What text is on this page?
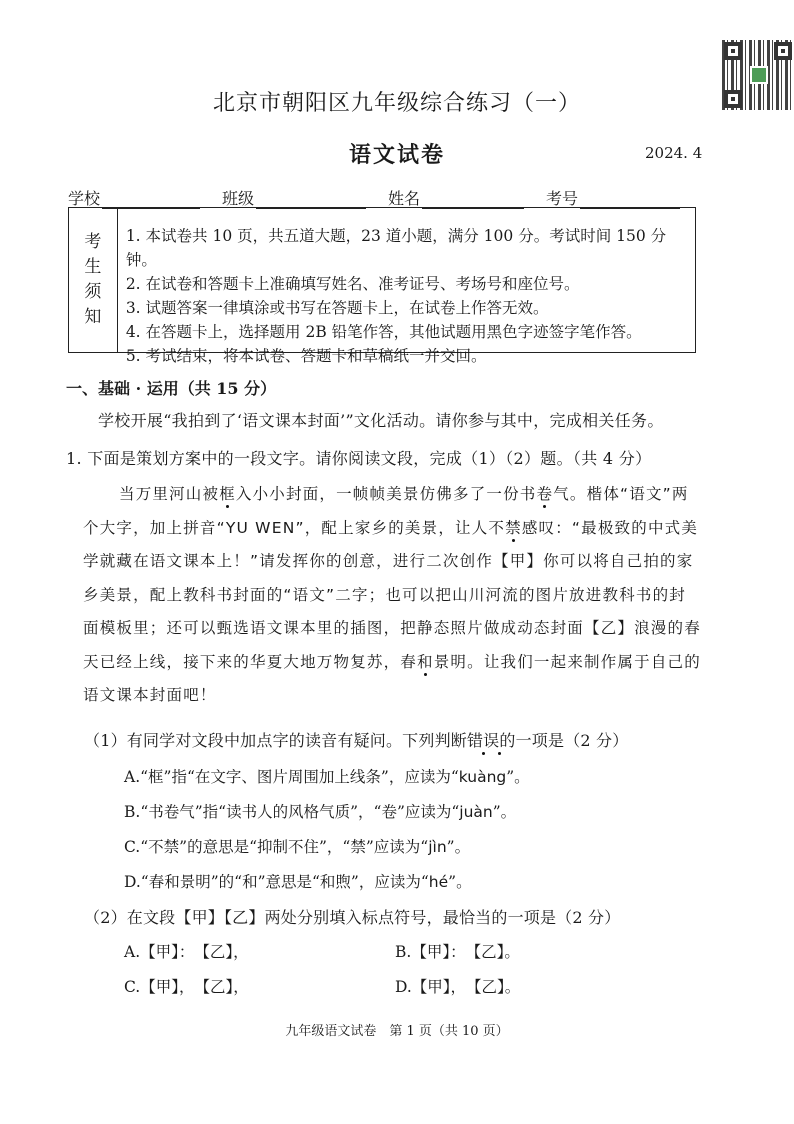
北京市朝阳区九年级综合练习（一）
语文试卷	2024. 4
学校	班级	姓名	考号
考
生
须
知
1. 本试卷共 10 页，共五道大题，23 道小题，满分 100 分。考试时间 150 分钟。
2. 在试卷和答题卡上准确填写姓名、准考证号、考场号和座位号。
3. 试题答案一律填涂或书写在答题卡上，在试卷上作答无效。
4. 在答题卡上，选择题用 2B 铅笔作答，其他试题用黑色字迹签字笔作答。
5. 考试结束，将本试卷、答题卡和草稿纸一并交回。
一、基础 · 运用（共 15 分）
学校开展“我拍到了‘语文课本封面’”文化活动。请你参与其中，完成相关任务。
1. 下面是策划方案中的一段文字。请你阅读文段，完成（1）（2）题。（共 4 分）
当万里河山被框入小小封面，一帧帧美景仿佛多了一份书卷气。楷体“语文”两
个大字，加上拼音“YU WEN”，配上家乡的美景，让人不禁感叹：“最极致的中式美
学就藏在语文课本上！”请发挥你的创意，进行二次创作【甲】你可以将自己拍的家
乡美景，配上教科书封面的“语文”二字；也可以把山川河流的图片放进教科书的封
面模板里；还可以甄选语文课本里的插图，把静态照片做成动态封面【乙】浪漫的春
天已经上线，接下来的华夏大地万物复苏，春和景明。让我们一起来制作属于自己的
语文课本封面吧！
（1）有同学对文段中加点字的读音有疑问。下列判断错误的一项是（2 分）
A.“框”指“在文字、图片周围加上线条”，应读为“kuàng”。
B.“书卷气”指“读书人的风格气质”，“卷”应读为“juàn”。
C.“不禁”的意思是“抑制不住”，“禁”应读为“jìn”。
D.“春和景明”的“和”意思是“和煦”，应读为“hé”。
（2）在文段【甲】【乙】两处分别填入标点符号，最恰当的一项是（2 分）
A.【甲】：　【乙】，	B.【甲】：　【乙】。
C.【甲】，　【乙】，	D.【甲】，　【乙】。
九年级语文试卷　第 1 页（共 10 页）
